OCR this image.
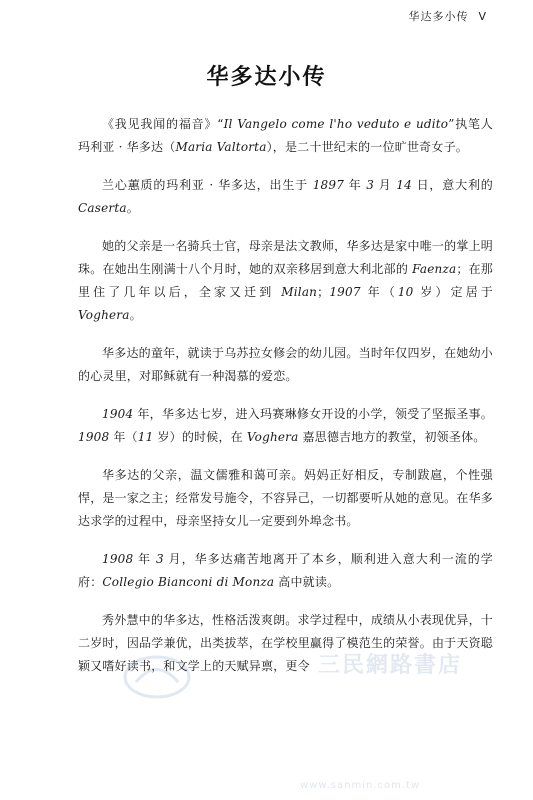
华达多小传 V
华多达小传

《我见我闻的福音》“Il Vangelo come l'ho veduto e udito”执笔人玛利亚 · 华多达（Maria Valtorta），是二十世纪末的一位旷世奇女子。

兰心蕙质的玛利亚 · 华多达，出生于 1897 年 3 月 14 日，意大利的 Caserta。

她的父亲是一名骑兵士官，母亲是法文教师，华多达是家中唯一的掌上明珠。在她出生刚满十八个月时，她的双亲移居到意大利北部的 Faenza；在那里住了几年以后，全家又迁到 Milan；1907 年（10 岁）定居于 Voghera。

华多达的童年，就读于乌苏拉女修会的幼儿园。当时年仅四岁，在她幼小的心灵里，对耶稣就有一种渴慕的爱恋。

1904 年，华多达七岁，进入玛赛琳修女开设的小学，领受了坚振圣事。1908 年（11 岁）的时候，在 Voghera 嘉思德吉地方的教堂，初领圣体。

华多达的父亲，温文儒雅和蔼可亲。妈妈正好相反，专制跋扈，个性强悍，是一家之主；经常发号施令，不容异己，一切都要听从她的意见。在华多达求学的过程中，母亲坚持女儿一定要到外埠念书。

1908 年 3 月，华多达痛苦地离开了本乡，顺利进入意大利一流的学府：Collegio Bianconi di Monza 高中就读。

秀外慧中的华多达，性格活泼爽朗。求学过程中，成绩从小表现优异，十二岁时，因品学兼优，出类拔萃，在学校里赢得了模范生的荣誉。由于天资聪颖又嗜好读书，和文学上的天赋异禀，更令 三民網路書店
www.sanmin.com.tw
